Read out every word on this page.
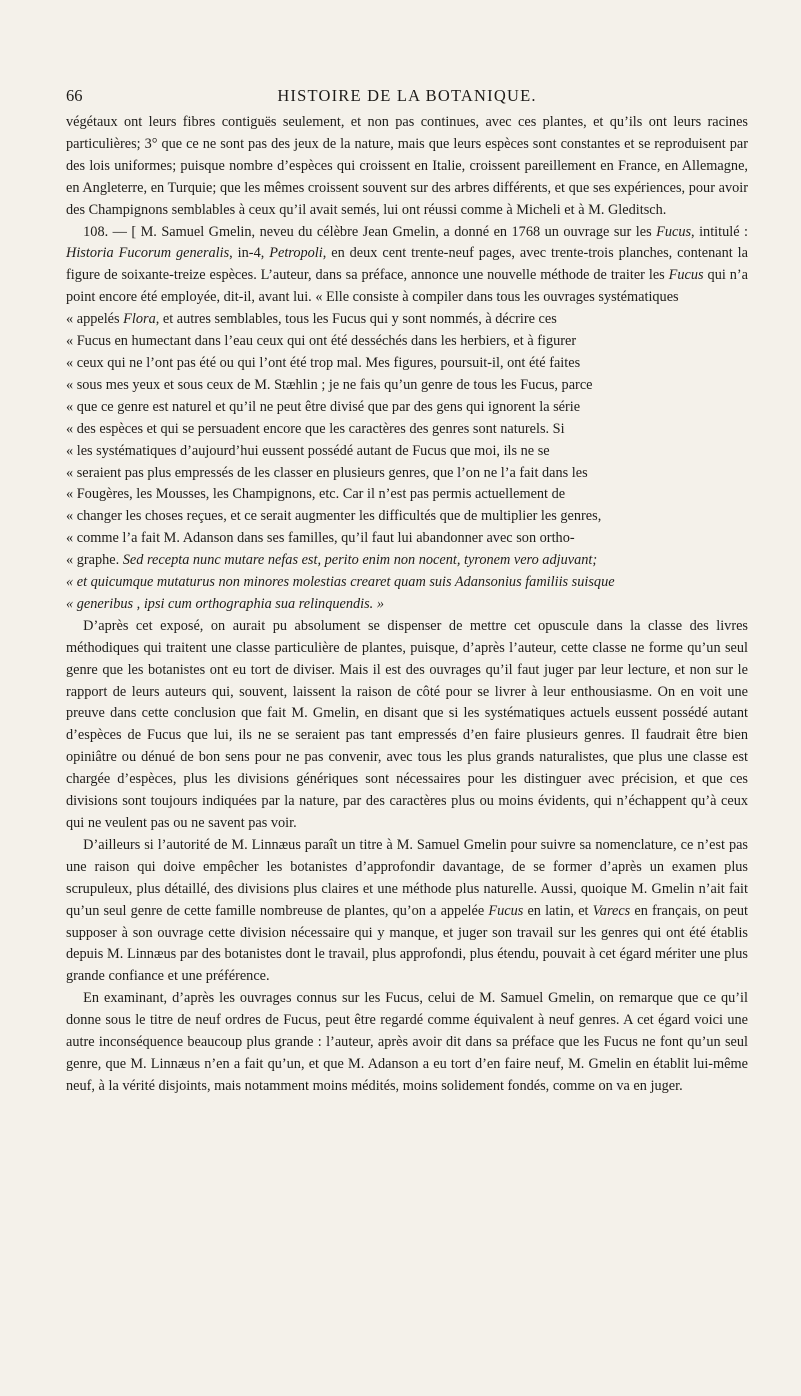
66	HISTOIRE DE LA BOTANIQUE.

végétaux ont leurs fibres contiguës seulement, et non pas continues, avec ces plantes, et qu’ils ont leurs racines particulières; 3° que ce ne sont pas des jeux de la nature, mais que leurs espèces sont constantes et se reproduisent par des lois uniformes; puisque nombre d’espèces qui croissent en Italie, croissent pareillement en France, en Allemagne, en Angleterre, en Turquie; que les mêmes croissent souvent sur des arbres différents, et que ses expériences, pour avoir des Champignons semblables à ceux qu’il avait semés, lui ont réussi comme à Micheli et à M. Gleditsch.

108. — [ M. Samuel Gmelin, neveu du célèbre Jean Gmelin, a donné en 1768 un ouvrage sur les Fucus, intitulé : Historia Fucorum generalis, in-4, Petropoli, en deux cent trente-neuf pages, avec trente-trois planches, contenant la figure de soixante-treize espèces. L’auteur, dans sa préface, annonce une nouvelle méthode de traiter les Fucus qui n’a point encore été employée, dit-il, avant lui. « Elle consiste à compiler dans tous les ouvrages systématiques

« appelés Flora, et autres semblables, tous les Fucus qui y sont nommés, à décrire ces
« Fucus en humectant dans l’eau ceux qui ont été desséchés dans les herbiers, et à figurer
« ceux qui ne l’ont pas été ou qui l’ont été trop mal. Mes figures, poursuit-il, ont été faites
« sous mes yeux et sous ceux de M. Stæhlin ; je ne fais qu’un genre de tous les Fucus, parce
« que ce genre est naturel et qu’il ne peut être divisé que par des gens qui ignorent la série
« des espèces et qui se persuadent encore que les caractères des genres sont naturels. Si
« les systématiques d’aujourd’hui eussent possédé autant de Fucus que moi, ils ne se
« seraient pas plus empressés de les classer en plusieurs genres, que l’on ne l’a fait dans les
« Fougères, les Mousses, les Champignons, etc. Car il n’est pas permis actuellement de
« changer les choses reçues, et ce serait augmenter les difficultés que de multiplier les genres,
« comme l’a fait M. Adanson dans ses familles, qu’il faut lui abandonner avec son ortho-
« graphe. Sed recepta nunc mutare nefas est, perito enim non nocent, tyronem vero adjuvant;
« et quicumque mutaturus non minores molestias crearet quam suis Adansonius familiis suisque
« generibus , ipsi cum orthographia sua relinquendis. »

D’après cet exposé, on aurait pu absolument se dispenser de mettre cet opuscule dans la classe des livres méthodiques qui traitent une classe particulière de plantes, puisque, d’après l’auteur, cette classe ne forme qu’un seul genre que les botanistes ont eu tort de diviser. Mais il est des ouvrages qu’il faut juger par leur lecture, et non sur le rapport de leurs auteurs qui, souvent, laissent la raison de côté pour se livrer à leur enthousiasme. On en voit une preuve dans cette conclusion que fait M. Gmelin, en disant que si les systématiques actuels eussent possédé autant d’espèces de Fucus que lui, ils ne se seraient pas tant empressés d’en faire plusieurs genres. Il faudrait être bien opiniâtre ou dénué de bon sens pour ne pas convenir, avec tous les plus grands naturalistes, que plus une classe est chargée d’espèces, plus les divisions génériques sont nécessaires pour les distinguer avec précision, et que ces divisions sont toujours indiquées par la nature, par des caractères plus ou moins évidents, qui n’échappent qu’à ceux qui ne veulent pas ou ne savent pas voir.

D’ailleurs si l’autorité de M. Linnæus paraît un titre à M. Samuel Gmelin pour suivre sa nomenclature, ce n’est pas une raison qui doive empêcher les botanistes d’approfondir davantage, de se former d’après un examen plus scrupuleux, plus détaillé, des divisions plus claires et une méthode plus naturelle. Aussi, quoique M. Gmelin n’ait fait qu’un seul genre de cette famille nombreuse de plantes, qu’on a appelée Fucus en latin, et Varecs en français, on peut supposer à son ouvrage cette division nécessaire qui y manque, et juger son travail sur les genres qui ont été établis depuis M. Linnæus par des botanistes dont le travail, plus approfondi, plus étendu, pouvait à cet égard mériter une plus grande confiance et une préférence.

En examinant, d’après les ouvrages connus sur les Fucus, celui de M. Samuel Gmelin, on remarque que ce qu’il donne sous le titre de neuf ordres de Fucus, peut être regardé comme équivalent à neuf genres. A cet égard voici une autre inconséquence beaucoup plus grande : l’auteur, après avoir dit dans sa préface que les Fucus ne font qu’un seul genre, que M. Linnæus n’en a fait qu’un, et que M. Adanson a eu tort d’en faire neuf, M. Gmelin en établit lui-même neuf, à la vérité disjoints, mais notamment moins médités, moins solidement fondés, comme on va en juger.
